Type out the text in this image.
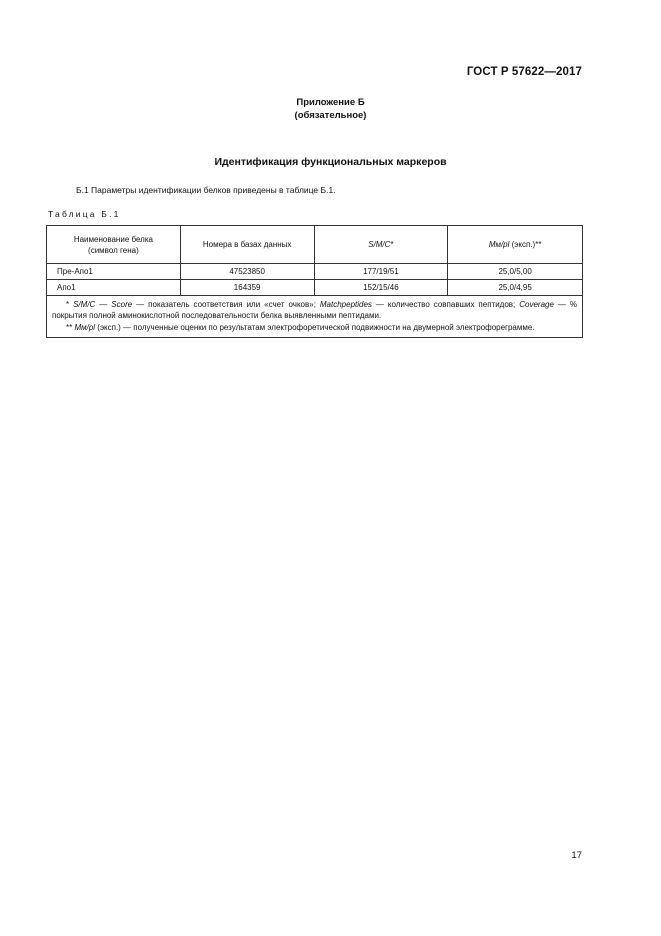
ГОСТ Р 57622—2017
Приложение Б
(обязательное)
Идентификация функциональных маркеров
Б.1 Параметры идентификации белков приведены в таблице Б.1.
Таблица Б.1
Наименование белка
(символ гена)	Номера в базах данных	S/M/C*	Мм/pl (эксп.)**
Пре-Апо1	47523850	177/19/51	25,0/5,00
Апо1	164359	152/15/46	25,0/4,95

* S/M/C — Score — показатель соответствия или «счет очков»; Matchpeptides — количество совпавших пептидов; Coverage — % покрытия полной аминокислотной последовательности белка выявленными пептидами.
** Мм/pl (эксп.) — полученные оценки по результатам электрофоретической подвижности на двумерной электрофореграмме.			
17
